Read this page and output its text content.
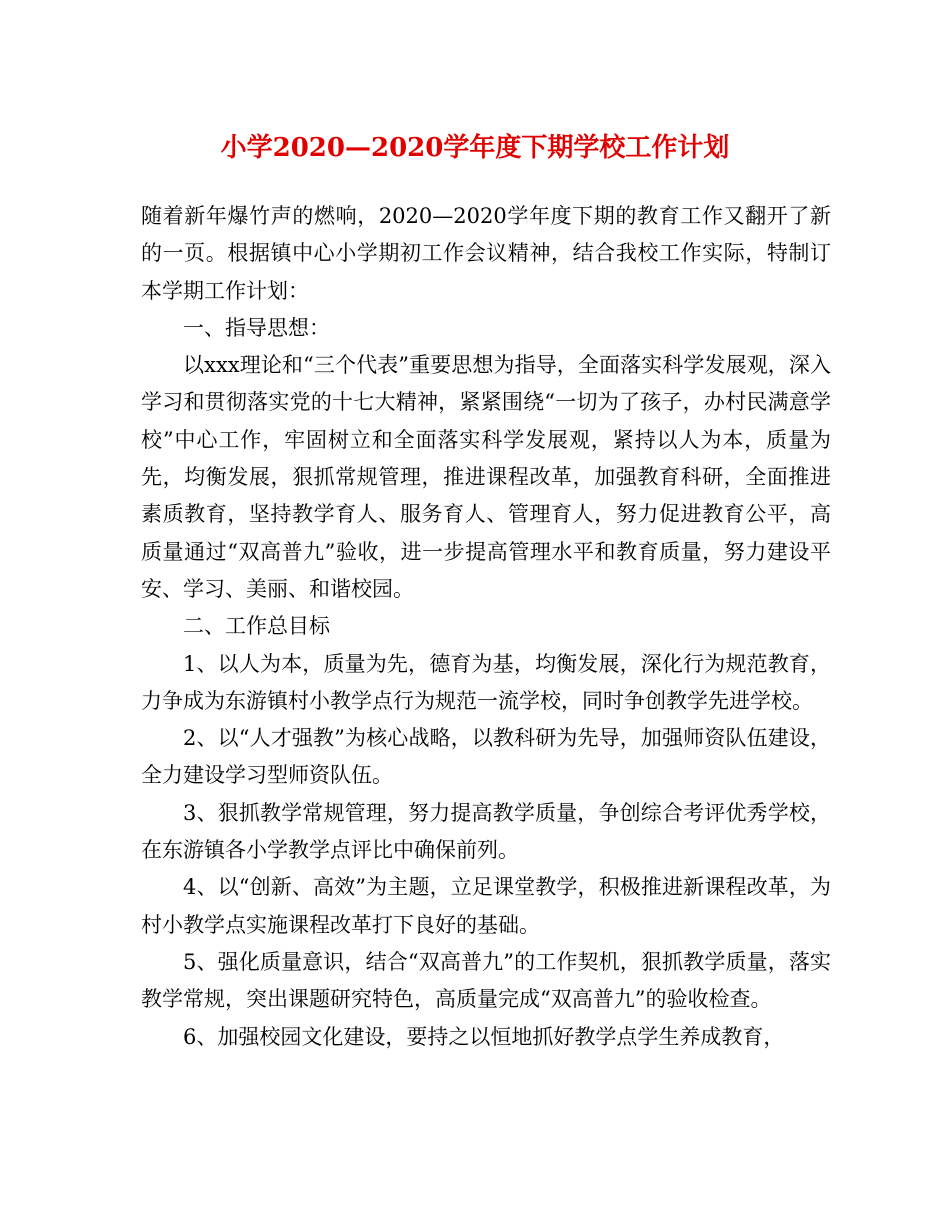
小学2020—2020学年度下期学校工作计划

随着新年爆竹声的燃响，2020—2020学年度下期的教育工作又翻开了新的一页。根据镇中心小学期初工作会议精神，结合我校工作实际，特制订本学期工作计划：

一、指导思想：

以xxx理论和“三个代表”重要思想为指导，全面落实科学发展观，深入学习和贯彻落实党的十七大精神，紧紧围绕“一切为了孩子，办村民满意学校”中心工作，牢固树立和全面落实科学发展观，紧持以人为本，质量为先，均衡发展，狠抓常规管理，推进课程改革，加强教育科研，全面推进素质教育，坚持教学育人、服务育人、管理育人，努力促进教育公平，高质量通过“双高普九”验收，进一步提高管理水平和教育质量，努力建设平安、学习、美丽、和谐校园。

二、工作总目标

1、以人为本，质量为先，德育为基，均衡发展，深化行为规范教育，力争成为东游镇村小教学点行为规范一流学校，同时争创教学先进学校。

2、以“人才强教”为核心战略，以教科研为先导，加强师资队伍建设，全力建设学习型师资队伍。

3、狠抓教学常规管理，努力提高教学质量，争创综合考评优秀学校，在东游镇各小学教学点评比中确保前列。

4、以“创新、高效”为主题，立足课堂教学，积极推进新课程改革，为村小教学点实施课程改革打下良好的基础。

5、强化质量意识，结合“双高普九”的工作契机，狠抓教学质量，落实教学常规，突出课题研究特色，高质量完成“双高普九”的验收检查。

6、加强校园文化建设，要持之以恒地抓好教学点学生养成教育，
